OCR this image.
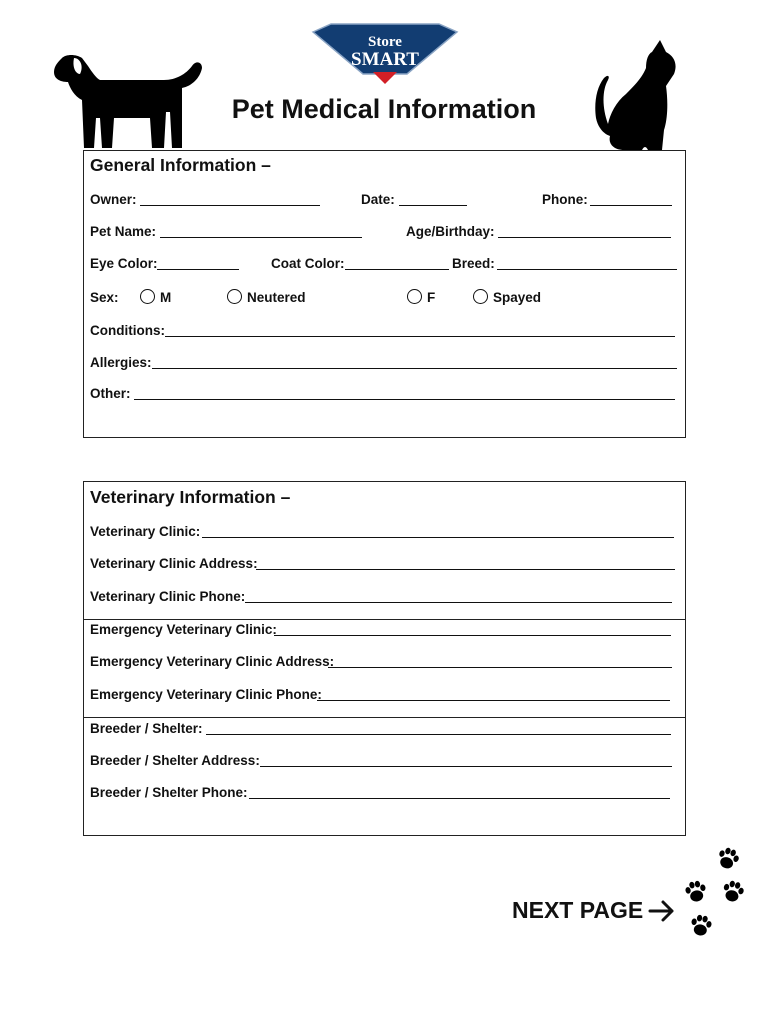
Store
SMART
Pet Medical Information
General Information –
Owner:	Date:	Phone:
Pet Name:	Age/Birthday:
Eye Color:	Coat Color:	Breed:
Sex:	M	Neutered	F	Spayed
Conditions:
Allergies:
Other:
Veterinary Information –
Veterinary Clinic:
Veterinary Clinic Address:
Veterinary Clinic Phone:
Emergency Veterinary Clinic:
Emergency Veterinary Clinic Address:
Emergency Veterinary Clinic Phone:
Breeder / Shelter:
Breeder / Shelter Address:
Breeder / Shelter Phone:
NEXT PAGE
